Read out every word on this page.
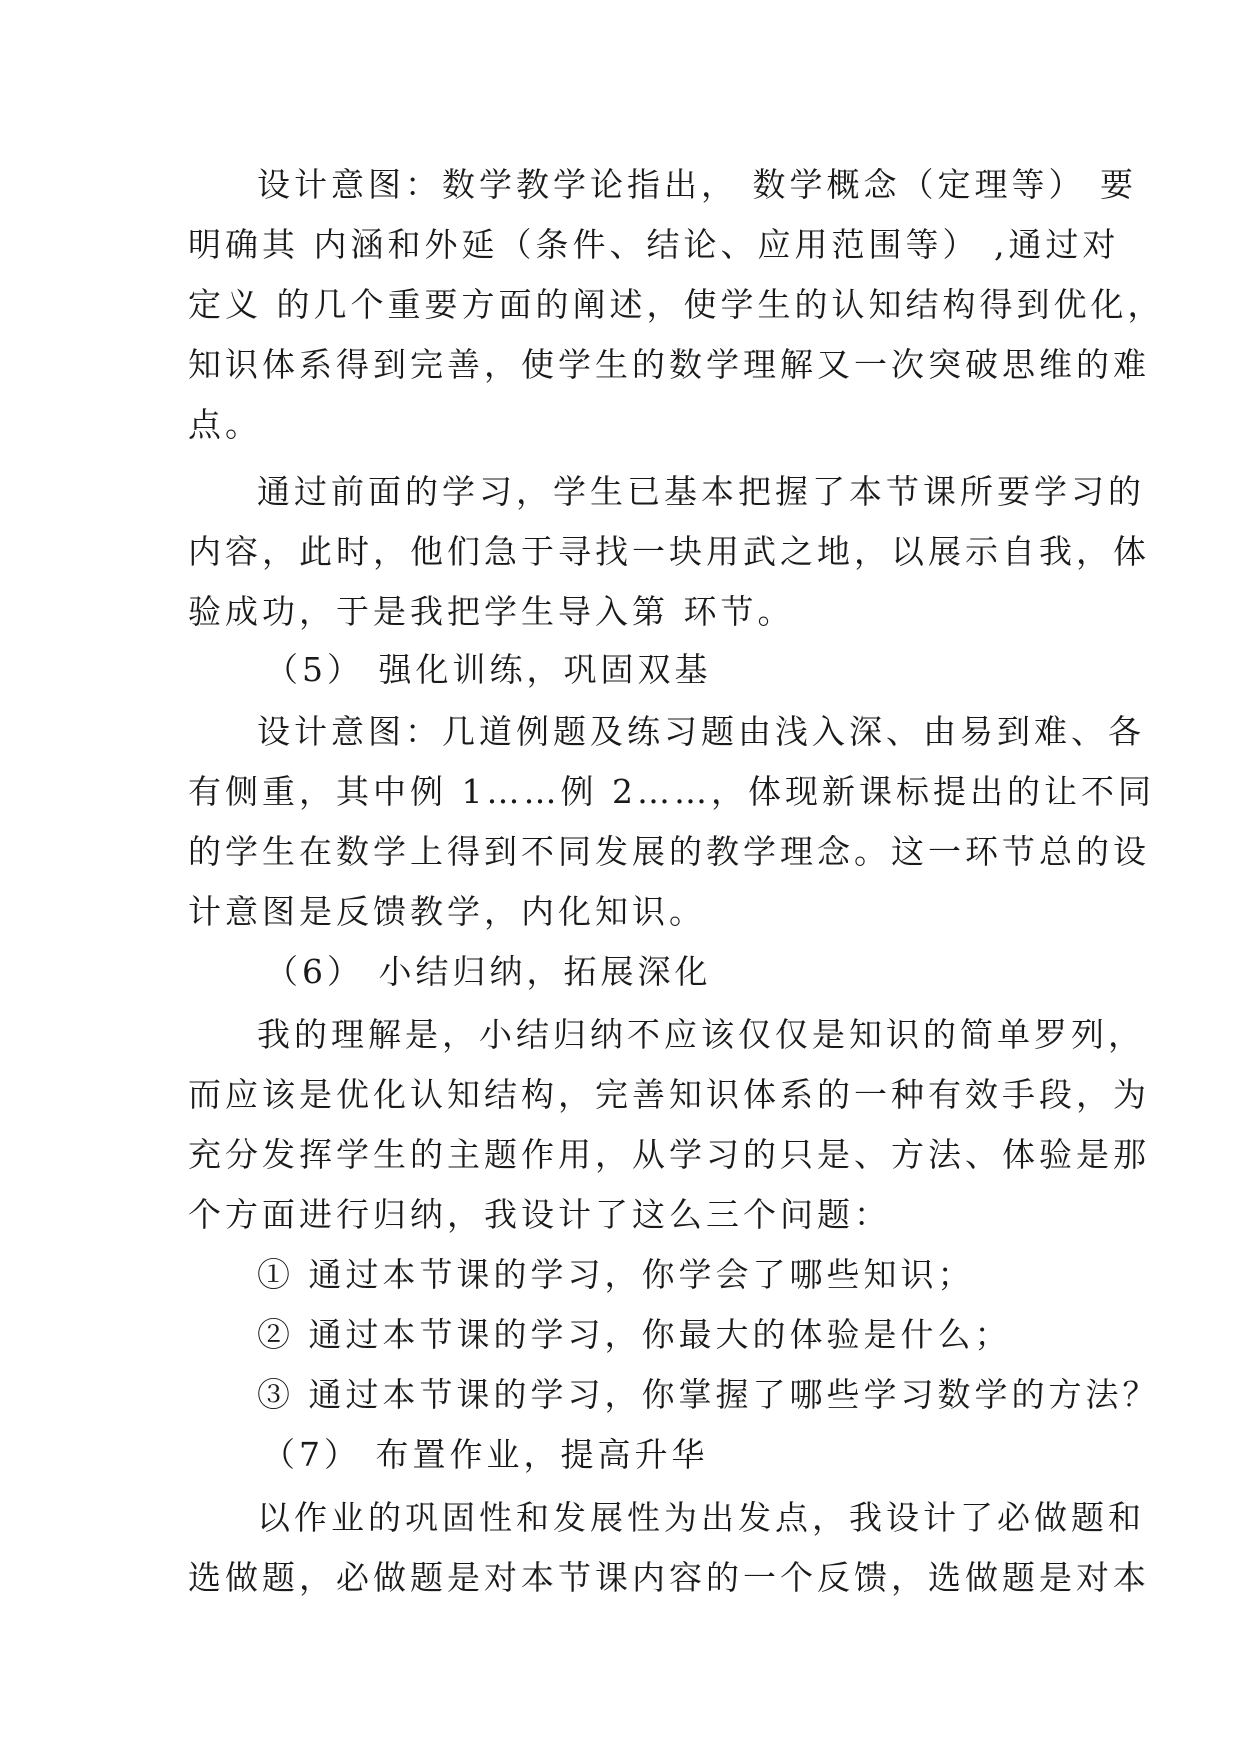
设计意图：数学教学论指出， 数学概念（定理等） 要
明确其 内涵和外延（条件、结论、应用范围等） ,通过对
定义 的几个重要方面的阐述，使学生的认知结构得到优化，
知识体系得到完善，使学生的数学理解又一次突破思维的难
点。
通过前面的学习，学生已基本把握了本节课所要学习的
内容，此时，他们急于寻找一块用武之地，以展示自我，体
验成功，于是我把学生导入第 环节。
（5） 强化训练，巩固双基
设计意图：几道例题及练习题由浅入深、由易到难、各
有侧重，其中例 1……例 2……，体现新课标提出的让不同
的学生在数学上得到不同发展的教学理念。这一环节总的设
计意图是反馈教学，内化知识。
（6） 小结归纳，拓展深化
我的理解是，小结归纳不应该仅仅是知识的简单罗列，
而应该是优化认知结构，完善知识体系的一种有效手段，为
充分发挥学生的主题作用，从学习的只是、方法、体验是那
个方面进行归纳，我设计了这么三个问题：
① 通过本节课的学习，你学会了哪些知识；
② 通过本节课的学习，你最大的体验是什么；
③ 通过本节课的学习，你掌握了哪些学习数学的方法？
（7） 布置作业，提高升华
以作业的巩固性和发展性为出发点，我设计了必做题和
选做题，必做题是对本节课内容的一个反馈，选做题是对本
